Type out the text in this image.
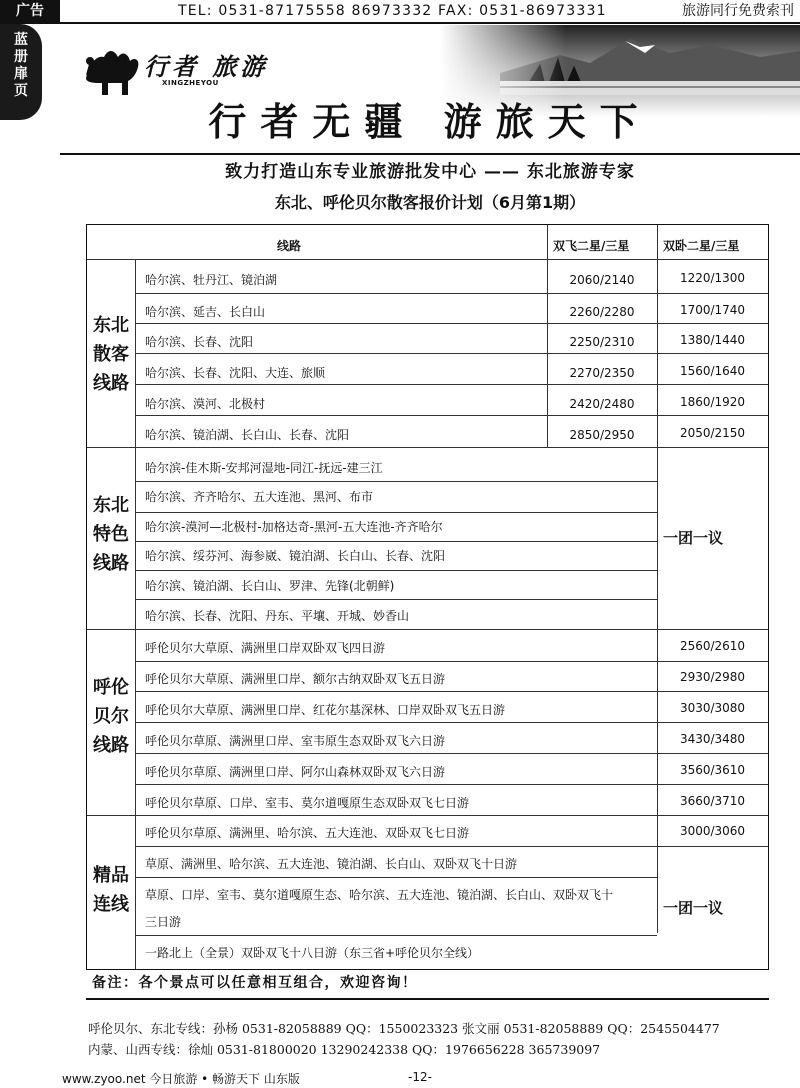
广告	TEL: 0531-87175558 86973332 FAX: 0531-86973331	旅游同行免费索刊
蓝
册
扉
页
行者 旅游
XINGZHEYOU
行者无疆 游旅天下
致力打造山东专业旅游批发中心 —— 东北旅游专家
东北、呼伦贝尔散客报价计划（6月第1期）
线路	双飞二星/三星	双卧二星/三星
东北
散客
线路
哈尔滨、牡丹江、镜泊湖	2060/2140	1220/1300
哈尔滨、延吉、长白山	2260/2280	1700/1740
哈尔滨、长春、沈阳	2250/2310	1380/1440
哈尔滨、长春、沈阳、大连、旅顺	2270/2350	1560/1640
哈尔滨、漠河、北极村	2420/2480	1860/1920
哈尔滨、镜泊湖、长白山、长春、沈阳	2850/2950	2050/2150
东北
特色
线路
哈尔滨-佳木斯-安邦河湿地-同江-抚远-建三江
哈尔滨、齐齐哈尔、五大连池、黑河、布市
哈尔滨-漠河—北极村-加格达奇-黑河-五大连池-齐齐哈尔
哈尔滨、绥芬河、海参崴、镜泊湖、长白山、长春、沈阳
哈尔滨、镜泊湖、长白山、罗津、先锋(北朝鲜)
哈尔滨、长春、沈阳、丹东、平壤、开城、妙香山
一团一议
呼伦
贝尔
线路
呼伦贝尔大草原、满洲里口岸双卧双飞四日游	2560/2610
呼伦贝尔大草原、满洲里口岸、额尔古纳双卧双飞五日游	2930/2980
呼伦贝尔大草原、满洲里口岸、红花尔基深林、口岸双卧双飞五日游	3030/3080
呼伦贝尔草原、满洲里口岸、室韦原生态双卧双飞六日游	3430/3480
呼伦贝尔草原、满洲里口岸、阿尔山森林双卧双飞六日游	3560/3610
呼伦贝尔草原、口岸、室韦、莫尔道嘎原生态双卧双飞七日游	3660/3710
精品
连线
呼伦贝尔草原、满洲里、哈尔滨、五大连池、双卧双飞七日游	3000/3060
草原、满洲里、哈尔滨、五大连池、镜泊湖、长白山、双卧双飞十日游
草原、口岸、室韦、莫尔道嘎原生态、哈尔滨、五大连池、镜泊湖、长白山、双卧双飞十
三日游
一路北上（全景）双卧双飞十八日游（东三省+呼伦贝尔全线）
一团一议
备注：各个景点可以任意相互组合，欢迎咨询！
呼伦贝尔、东北专线：孙杨 0531-82058889 QQ：1550023323 张文丽 0531-82058889 QQ：2545504477
内蒙、山西专线：徐灿 0531-81800020 13290242338 QQ：1976656228 365739097
www.zyoo.net 今日旅游 • 畅游天下 山东版	-12-
